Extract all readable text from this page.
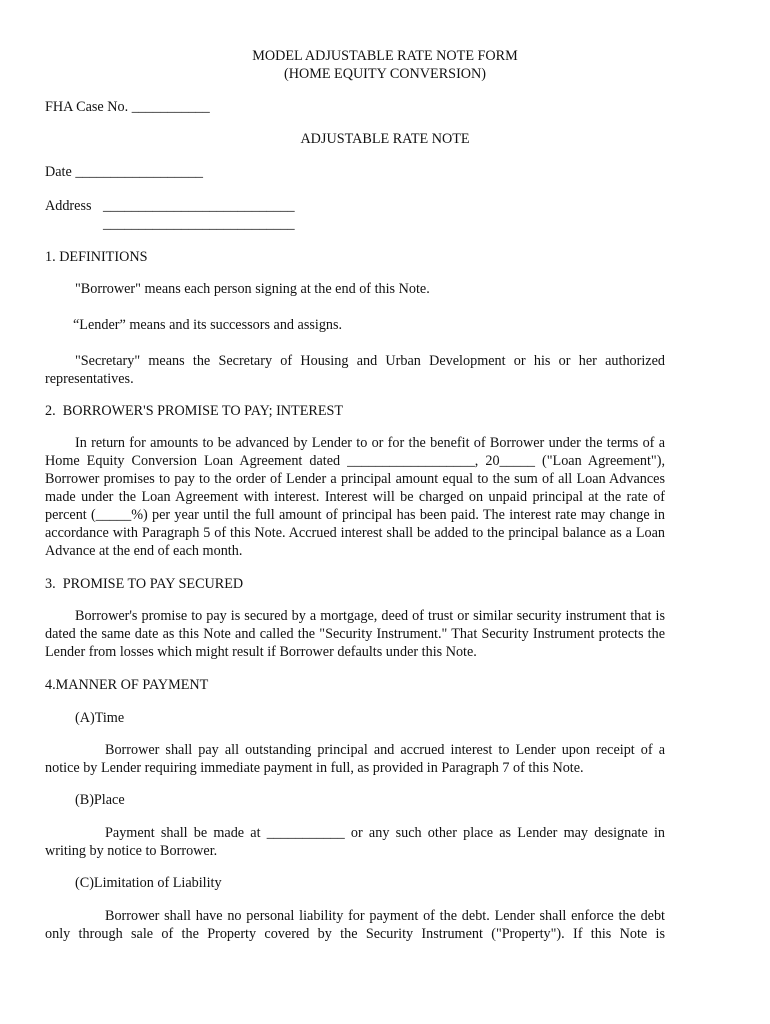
MODEL ADJUSTABLE RATE NOTE FORM
(HOME EQUITY CONVERSION)
FHA Case No. ___________
ADJUSTABLE RATE NOTE
Date __________________
Address ___________________________
___________________________
1. DEFINITIONS
"Borrower" means each person signing at the end of this Note.
“Lender” means and its successors and assigns.
"Secretary" means the Secretary of Housing and Urban Development or his or her authorized representatives.
2.  BORROWER'S PROMISE TO PAY; INTEREST
In return for amounts to be advanced by Lender to or for the benefit of Borrower under the terms of a Home Equity Conversion Loan Agreement dated __________________, 20_____ ("Loan Agreement"), Borrower promises to pay to the order of Lender a principal amount equal to the sum of all Loan Advances made under the Loan Agreement with interest. Interest will be charged on unpaid principal at the rate of percent (_____%) per year until the full amount of principal has been paid. The interest rate may change in accordance with Paragraph 5 of this Note. Accrued interest shall be added to the principal balance as a Loan Advance at the end of each month.
3.  PROMISE TO PAY SECURED
Borrower's promise to pay is secured by a mortgage, deed of trust or similar security instrument that is dated the same date as this Note and called the "Security Instrument." That Security Instrument protects the Lender from losses which might result if Borrower defaults under this Note.
4.MANNER OF PAYMENT
(A)Time
Borrower shall pay all outstanding principal and accrued interest to Lender upon receipt of a notice by Lender requiring immediate payment in full, as provided in Paragraph 7 of this Note.
(B)Place
Payment shall be made at ___________ or any such other place as Lender may designate in writing by notice to Borrower.
(C)Limitation of Liability
Borrower shall have no personal liability for payment of the debt. Lender shall enforce the debt only through sale of the Property covered by the Security Instrument ("Property"). If this Note is
